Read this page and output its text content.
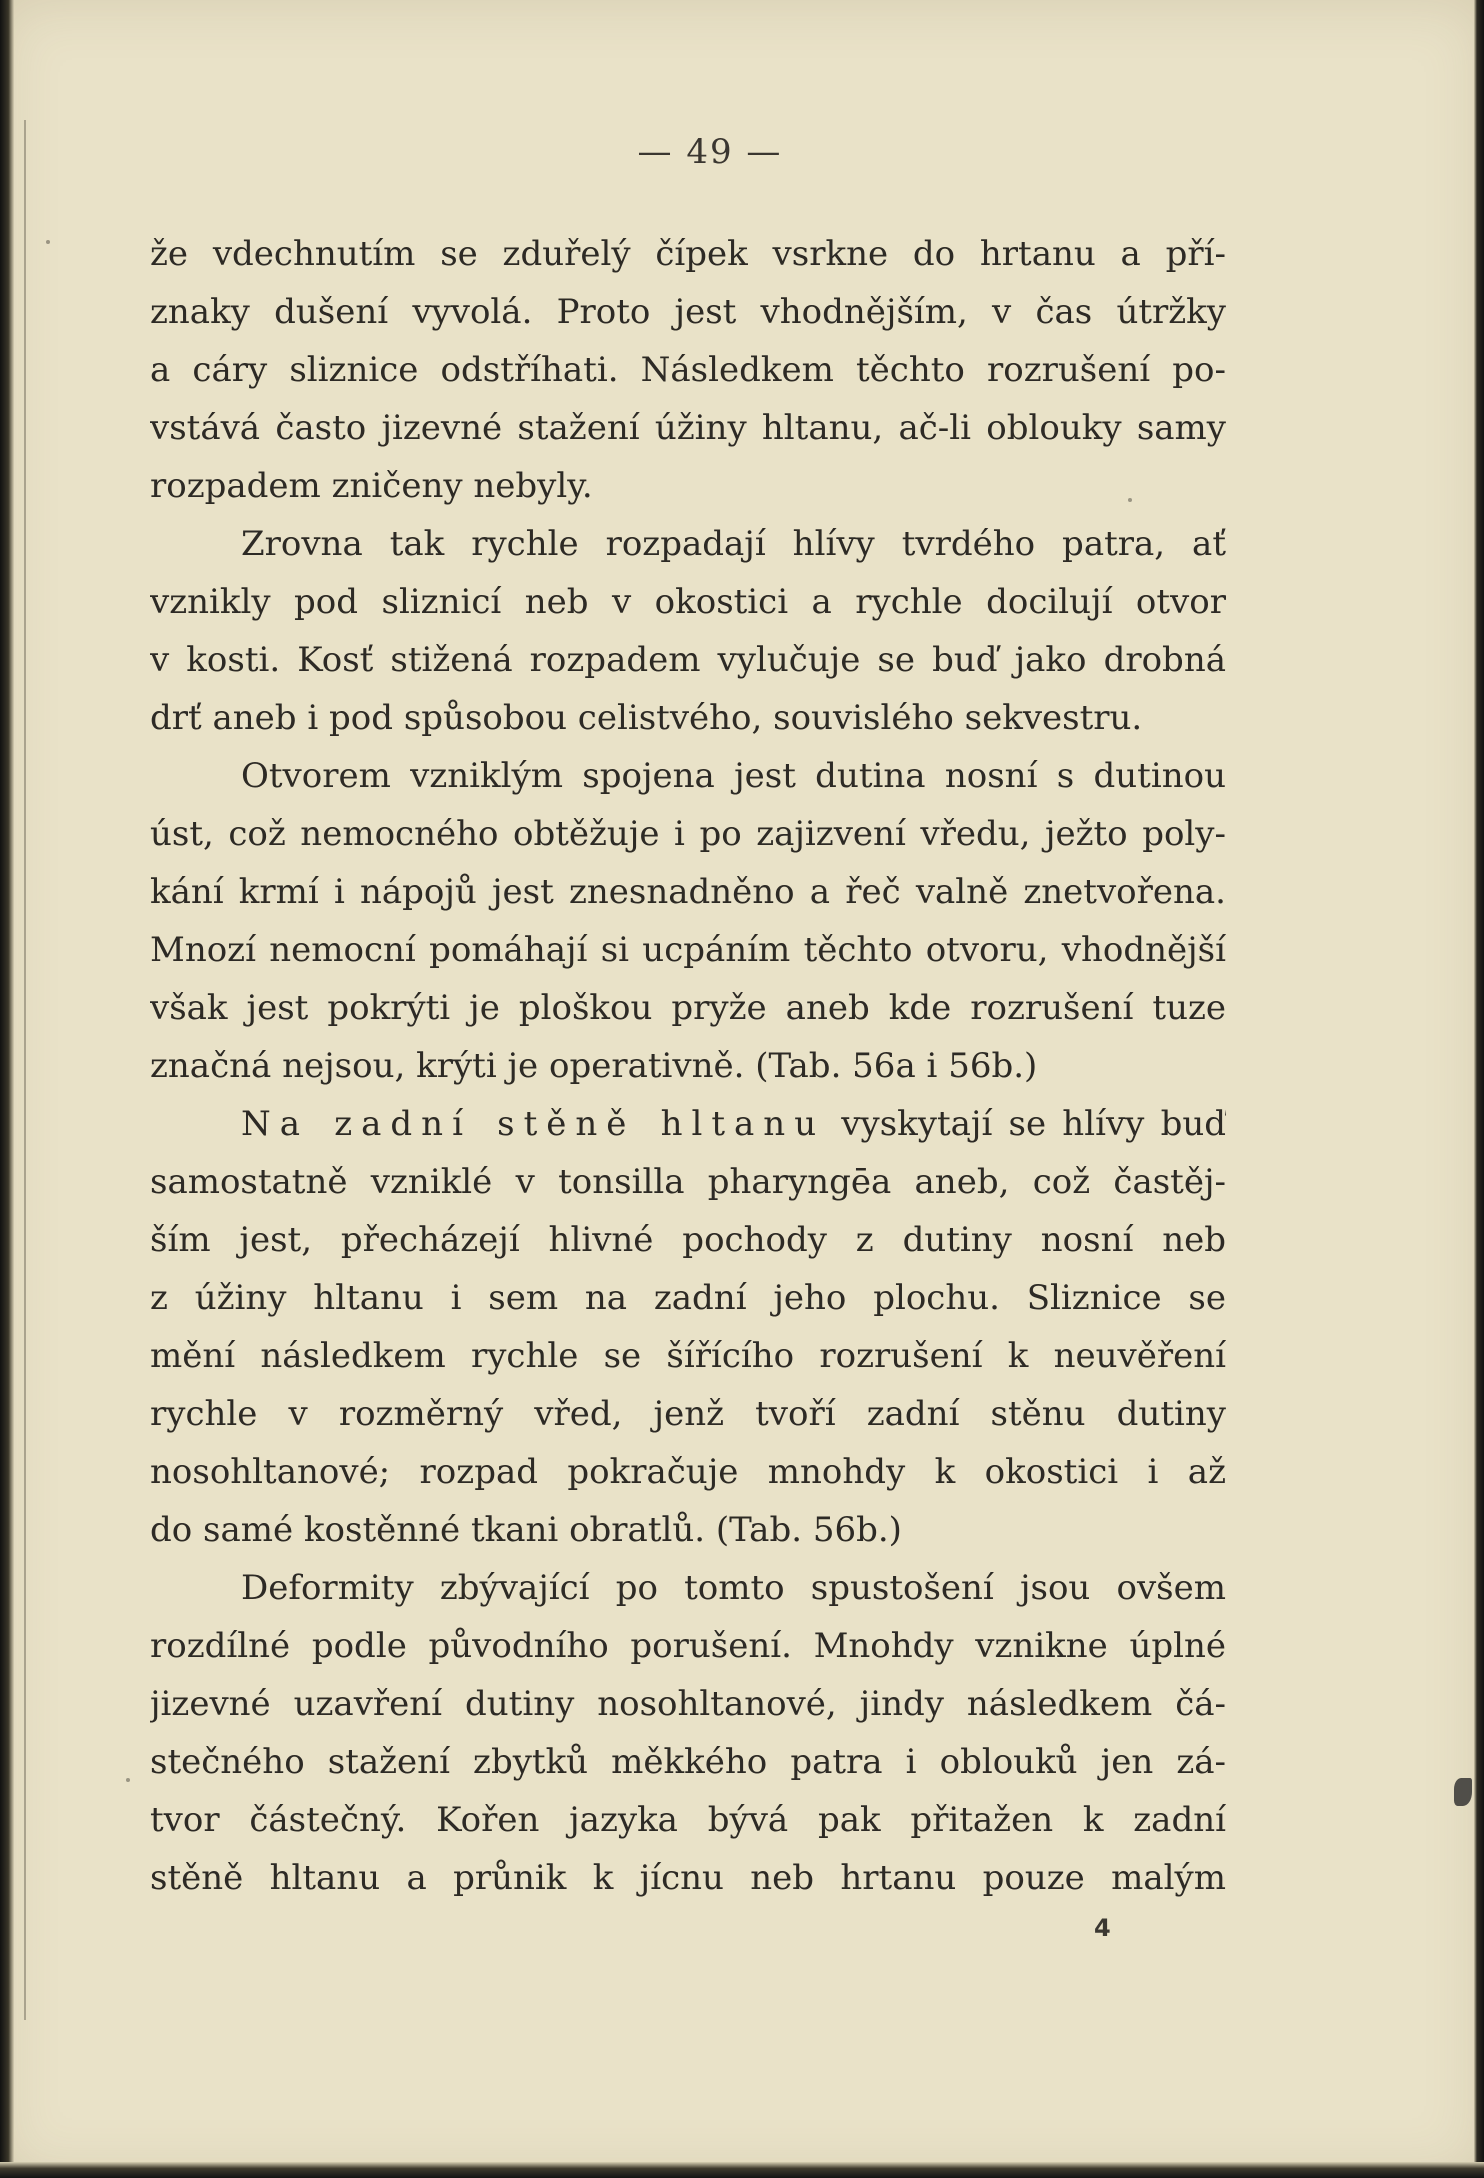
— 49 —
že vdechnutím se zduřelý čípek vsrkne do hrtanu a pří-
znaky dušení vyvolá. Proto jest vhodnějším, v čas útržky
a cáry sliznice odstříhati. Následkem těchto rozrušení po-
vstává často jizevné stažení úžiny hltanu, ač-li oblouky samy
rozpadem zničeny nebyly.
Zrovna tak rychle rozpadají hlívy tvrdého patra, ať
vznikly pod sliznicí neb v okostici a rychle docilují otvor
v kosti. Kosť stižená rozpadem vylučuje se buď jako drobná
drť aneb i pod spůsobou celistvého, souvislého sekvestru.
Otvorem vzniklým spojena jest dutina nosní s dutinou
úst, což nemocného obtěžuje i po zajizvení vředu, ježto poly-
kání krmí i nápojů jest znesnadněno a řeč valně znetvořena.
Mnozí nemocní pomáhají si ucpáním těchto otvoru, vhodnější
však jest pokrýti je ploškou pryže aneb kde rozrušení tuze
značná nejsou, krýti je operativně. (Tab. 56a i 56b.)
Na zadní stěně hltanu vyskytají se hlívy buď
samostatně vzniklé v tonsilla pharyngēa aneb, což častěj-
ším jest, přecházejí hlivné pochody z dutiny nosní neb
z úžiny hltanu i sem na zadní jeho plochu. Sliznice se
mění následkem rychle se šířícího rozrušení k neuvěření
rychle v rozměrný vřed, jenž tvoří zadní stěnu dutiny
nosohltanové; rozpad pokračuje mnohdy k okostici i až
do samé kostěnné tkani obratlů. (Tab. 56b.)
Deformity zbývající po tomto spustošení jsou ovšem
rozdílné podle původního porušení. Mnohdy vznikne úplné
jizevné uzavření dutiny nosohltanové, jindy následkem čá-
stečného stažení zbytků měkkého patra i oblouků jen zá-
tvor částečný. Kořen jazyka bývá pak přitažen k zadní
stěně hltanu a průnik k jícnu neb hrtanu pouze malým
4
